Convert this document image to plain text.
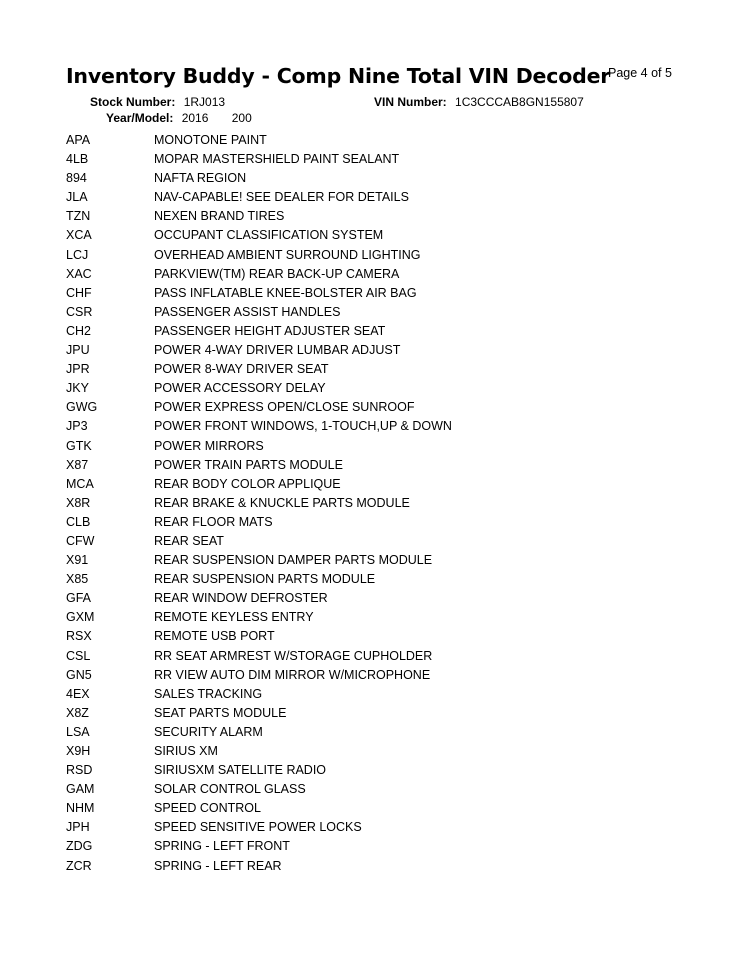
Inventory Buddy - Comp Nine Total VIN Decoder
Page 4 of 5
Stock Number: 1RJ013	VIN Number: 1C3CCCAB8GN155807
Year/Model: 2016 200
APA	MONOTONE PAINT
4LB	MOPAR MASTERSHIELD PAINT SEALANT
894	NAFTA REGION
JLA	NAV-CAPABLE! SEE DEALER FOR DETAILS
TZN	NEXEN BRAND TIRES
XCA	OCCUPANT CLASSIFICATION SYSTEM
LCJ	OVERHEAD AMBIENT SURROUND LIGHTING
XAC	PARKVIEW(TM) REAR BACK-UP CAMERA
CHF	PASS INFLATABLE KNEE-BOLSTER AIR BAG
CSR	PASSENGER ASSIST HANDLES
CH2	PASSENGER HEIGHT ADJUSTER SEAT
JPU	POWER 4-WAY DRIVER LUMBAR ADJUST
JPR	POWER 8-WAY DRIVER SEAT
JKY	POWER ACCESSORY DELAY
GWG	POWER EXPRESS OPEN/CLOSE SUNROOF
JP3	POWER FRONT WINDOWS, 1-TOUCH,UP & DOWN
GTK	POWER MIRRORS
X87	POWER TRAIN PARTS MODULE
MCA	REAR BODY COLOR APPLIQUE
X8R	REAR BRAKE & KNUCKLE PARTS MODULE
CLB	REAR FLOOR MATS
CFW	REAR SEAT
X91	REAR SUSPENSION DAMPER PARTS MODULE
X85	REAR SUSPENSION PARTS MODULE
GFA	REAR WINDOW DEFROSTER
GXM	REMOTE KEYLESS ENTRY
RSX	REMOTE USB PORT
CSL	RR SEAT ARMREST W/STORAGE CUPHOLDER
GN5	RR VIEW AUTO DIM MIRROR W/MICROPHONE
4EX	SALES TRACKING
X8Z	SEAT PARTS MODULE
LSA	SECURITY ALARM
X9H	SIRIUS XM
RSD	SIRIUSXM SATELLITE RADIO
GAM	SOLAR CONTROL GLASS
NHM	SPEED CONTROL
JPH	SPEED SENSITIVE POWER LOCKS
ZDG	SPRING - LEFT FRONT
ZCR	SPRING - LEFT REAR
